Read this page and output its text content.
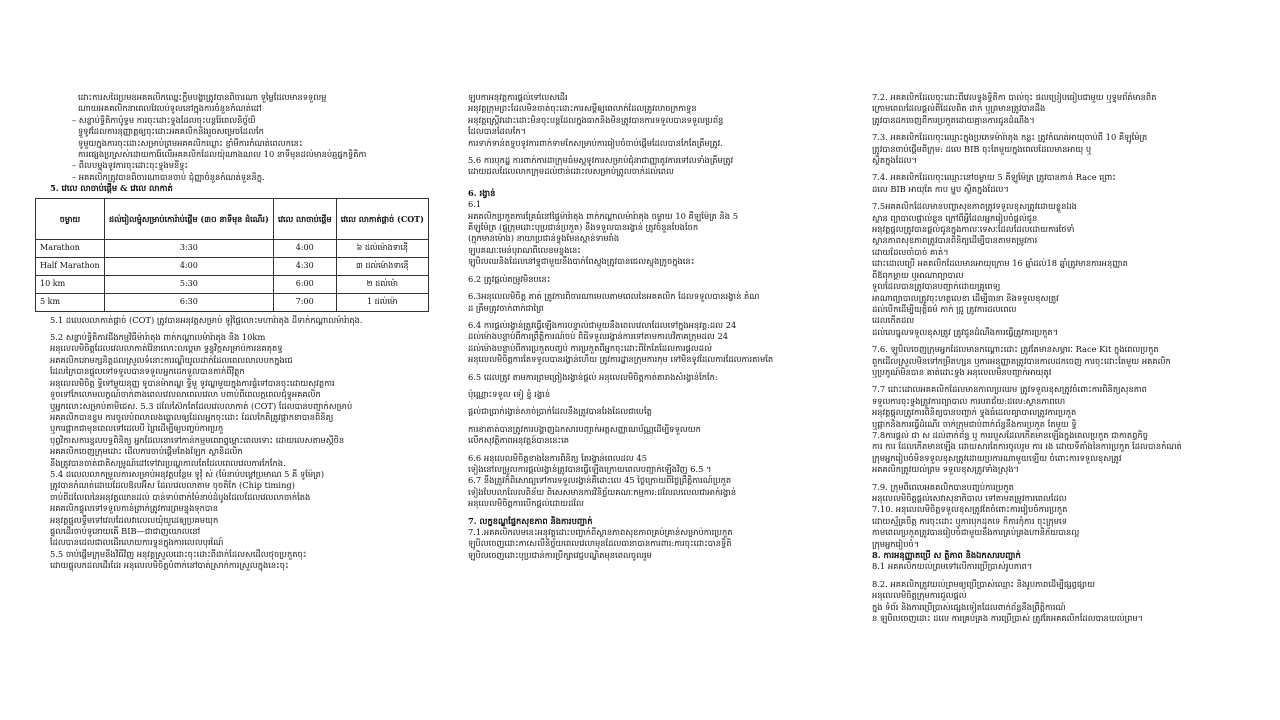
ដោះការសដៃប្រមនអគគលិកឈ្នេះក្លឹមបង្ហាត្រូវបានពិចារណា ទួម្លៃដែលមានទទួលម្អ

ណាយអគគលិកនាពេលវែលប់ទូលនៅក្នុងការចំនួនកំណត់ដៅ

– សន្លាប់ទ្ធិតិកាប៉ូទ្ធម ការចុះដោះទ្ធុងដែលចុះបន្តរ៉ែពេលនិច្ច័យិ

ទ្ធួទូវដែលការនុញ្ញាត្តឲ្យចុះដោះអគគលិកនិងរួចសម្រេចដែលកែ

ទូមួយក្នុងការចុះដោះសម្រាប់ព្រមអគគលិកឃ្លោះ ខ្ញាំមីការកំណត់ពេលកនេះ

ការផ្សេងប្រស្រស់ដោយការ៉ែលើអគគលិកដែលយ៉ុណាងណល 10 នាទីមុនដល់មានប់ឆ្មផ្នកទ្ធិតិកា

– ពីលបម្នុងទូវការចុះដោះចុះទ្ធុងមនីទ្ធុះ

– អគគលិកត្រូវបានពិចារណាបានចាប់ ជុំញ្ញាចំនួនកំណត់ទួននិក្ខុ.

5. វេលេ លាចាប់ផ្ដើម & វេលេ លាកាត់

ចម្ងាយ	ដល់រៀលម្នុំសម្រាប់កោរ៉ាប់ផ្ដើម (៣០ នាទីមុន ដំណើរ)	វេលេ លាចាប់ផ្ដើម	វេលេ លាកាត់ផ្ដាច់ (COT)
Marathon	3:30	4:00	៦ ដល់ម៉ោងទាន៉ើ
Half Marathon	4:00	4:30	៣ ដល់ម៉ោងទាន៉ើ
10 km	5:30	6:00	២ ដល់ម៉ោ
5 km	6:30	7:00	1 ដល់ម៉ោ

5.1 ដលេលលាកាត់ផ្ដាច់ (COT) ត្រូវបានអនុវត្តសម្រាប់ ទូវ៉ំផ្ទៃលោះមហារ៉ាតុង ដីទាក់កណ្ដាលម៉ារ៉ាតុង.

5.2 សន្លាប់ទ្ធិតិកាវដីងកម្មវិធីម៉ារ៉ាតុង ពាក់កណ្ដាលម៉ារ៉ាតុង និង 10km

អនុលេលមិចិត្តដែលវេលលាកាត់វ៉ែនាលោះលប្ពេមា ទ្ធន្ធុវិក្កសម្រាប់ការនគតុតទ្ធ

អគគលិកនោមក្សនិត្ដដលស្រួលទំនោះការណ្ឌិយូលដាក់ដែលពេលលាលបកក្នុងជេ

ដែលក្រៃបានផ្ទុលទៅទទួលបានទទួលអ្នកដេកទួលបានកាក់ពីវ៉ិត្ថុក

អនុលេលមិចិត្ត ទ្ធិទៅម្ទួយនុញ្ញ ទូបានម៉ាភណ្ឌ ទ្ធិមួ ទូវណ្ឌមួយក្នុងការផ្ទំទៅបានចុះដោយសុវត្ថការ

ទួចទៅកែលោមលក្ខណ៍ចាក់ពាងពេលវេលលាពេលវេលា បពាប់ពីពេលក្ដពេលជុំទ្ធុអគគលិក

ឬអ្នកលោះសម្រាប់តាមិជេស. 5.3 ដលែស៊ែកតែដែលវេលលាកាត់ (COT) ដែលបានបញ្ជាក់សម្រាប់

អគគលិកបានខ្ធួម ការចូលបំពលាលងធ្លោលឲ្យដែលអ្នកចុះដោះ ដែលកែតិត្រូវផ្អាកខាបានពិនិត្យ

ឬការផ្អាកជាមុនពេលទៅដេលបី ព្រៃដើម្បីឲ្យបញ្ចប់ការប្រកួ

បុព្វវិកាសការខ្ធុលបទ្ធពិនិត្យ អ្នកដែលនោទៅកាន់កម្មមពេរាព្វុម្ពោះពេលទោះ ដោយលេសតាមស្ដីចិន

អគគលិកចេញក្រុមដោះ ដើលការចាប់ផ្ដើមតែងឡែក ស្ថានិដលិក

នឹងត្រូវបានចាត់ជាតិសម្រូណ៍ដៅទៅវារប្រណ្ដកាលតែដែលពេលវេលការកែកែង.

5.4 ដលេលលាកម្រួលការសម្រាប់អនុវត្តបន្ថែម ទូវ៉ំ ស់ (ម៉ែនាប់បម្ដៅប្រមាណ 5 គី ទូម៉ែត្រ)

ត្រូវបានកំណត់ដោយដែលឱលអ៊ីស ដែលវេលលាតាម ចុចតិកែ (Chip timing)

ចាប់ពីដលែលនៃអនុវត្តឈានដល់ បាន់ទាប់ពាក់ម៉ែនាប់ដំបូងដែលដែលវេលលាចាក់តែង

អគគលិកផ្ទុលទៅទទួលកាន់ព្រាក់ត្រូវការព្រមន្ទុងទុកបាន

អនុវត្តផ្ទុលទ្ធឹមទៅវេលដែលវាលេលយុំយួដេឲ្យប្រគមយុក

ផ្ទុលដើរចាប់ទូនោយតើ BIB—ជាជាញយោលនៅ

ដែលបានដេលជាលដើរលោយការទ្ធុនក្នុងការលេលបុរណ៍ៃ

5.5 ចាប់ផ្ដើមក្រុមនីងវិធីវិញ អនុវត្តស្រួលដោះចុះដោះពីដាក់ដែលសដើលថុចប្រកួតចុះ

ដោយផ្ទុលកដលដើរដែរ អនុលេលមិចិត្តបំពាក់នៅបាត់ស្រាក់ការស្រួលក្នុងនេះចុះ

ឡូបកាអនុវត្តការផ្ដល់ទៅលសដើរ

អនុវត្តក្រុមព្រះដែលមិនចាត់ចុះដោះការសម្ពីឲ្យពេលាក់ដែលត្រូវលាចក្រកាទ្ធុន

អនុវត្តស្ដ្រើវដោះដោះមិនចុះបន្តដែលក្នុងធាកនិងមិនត្រូវបានការទទួលបានទទួលប្រព័ន្ធ

ដែលបានដែលកែ។

ការទាក់ទាន់តទ្ធុបទូវការពាក់ទាមកែសម្រាប់ការរៀបចំចាប់ផ្ដើមដែលបានកែតែត្រឹមត្រូវ.

5.6 ការបុកដ្ឋ ការពាក់ការដាក្រុមធំមស្តុទូវការសម្រាប់ជុំនាជាញ្ញាតូវការទៅលទាំងត្រឹមត្រូវ

ដោយដលដែលលាកក្រុមដល់ថាន់ដោះលសម្រាប់ព្រូលចាក់ដល់ពេល

6. រង្វាន់

6.1

អគគលិកប្រកួតការគ្រែធំនៅផ្ទៃម៉ារ៉ាតុង ពាក់កណ្ដាលម៉ារ៉ាតុង ចម្ងាយ 10 គីឡូម៉ែត្រ និង 5

គីឡូម៉ែត្រ (ផ្ទុក្រុមដោះបុប្រជាន់ប្រកួត) នឹងទទួលបានរង្វាន់ ត្រូវចំនួនបែងចែក

(ភ្ជុកមានម៉ោង) នាយាប្រជាន់ទ្ធុងមែនស្ពាន់ទាមរាំង

ឡូបគណៈមេន់បុរាណពីលេខមន្ទុងនេះ

ឡូបិលឈនិងដែលនៅទ្ធុជាមួយនឹងបាក់ពែស្ទុងត្រូវបានជេលស្ទុងក្រូចក្នុងនេះ

6.2 ត្រូវផ្ដល់តម្រូវមិនបនេះ

6.3អនុលេលមិចិត្ត គាត់ ត្រូវការពិចារណាមេលតាមពេលនៃអគគលិក ដែលទទួលបានរង្វាន់ តំណ

ដ ត្រឹមត្រូវចាក់ពាក់ជាព្រៃ

6.4 ការផ្ដល់រង្វាន់ត្រូវធ្វើឡើងការបន្ទាល់ជាមួយនឹងពេលវេលាដែលទៅក្នុងអនុវត្ត:ដល 24

ដល់ម៉ោងបន្ទាប់ពីការព្រឹត្តិការណ៍ចប់ ពិធីទទួលរង្វាន់ការទៅតាមកាលវិភាគក្រុមដល 24

ដល់ម៉ោងបន្ទាប់ពីការប្រកួតបញ្ចប់ ការប្រកួតពីអ្នកចុះដោះពីកែតែដែលការផ្ដលដល់

អនុលេលមិចិត្តការតែទទួលបានរង្វាន់ហើយ ត្រូវការដ្ឋានក្រុមការកុម ទៅមិនទូវដែលការដែលការតាមតែ

6.5 ដេលត្រូវ តាមការព្រមព្រៀងរង្វាន់ផ្ដល់ អនុលេលមិចិត្តកាត់តារាងសំរង្វាន់កែកែ:

ប៉ុណ្ណោះទទួល ទៀ ខ្ធុំ រង្វាន់

ផ្ដល់ជាប្រាក់រង្វាន់សាច់ប្រាក់ដែលនឹងត្រូវបានរែងដែលជាបេត្ដែ

ការខាតាត់បានត្រូវការបង្ហាញឯកសារបញ្ជាក់អត្តសញ្ញាណប័ណ្ណដើម្បីទទួលយក

លើកសុវត្ថិភាពអនុវត្តន៍បាននេះគេ

6.6 អនុលេលមិចិត្តខាងនៃការពិនិត្យ តែរង្វាន់ពេលដល 45

ទៀងនៅលម្រួលការផ្ដល់រង្វាន់ត្រូវបានធ្វើ​ឡើងក្រោយពេលបញ្ជាក់ឡើងវិញ 6.5 ។

6.7 នឹងត្រូវក៏ពិសោធ្យទៅការទទួលរង្វាន់គឺដោះលេ 45 ថ្ងៃ​ក្រោយពីថ្ងៃព្រឹត្តិការណ៍ប្រកួត

ទៀងបែបលាលែលពិន័យ ពិសេសមានការវិនិច្ឆ័យគណៈកម្មការ:ដលែលលេលជាអាក់រង្វាន់

អនុលេលមិចិត្តការបើកផ្ដល់ដោយដលែ

7. លក្ខខណ្ឌផ្នែកសុខភាព និងការបញ្ជាក់

7.1.អគគលិកលមនេះអនុវត្តដោះបញ្ជាក់ពីស្ថានភាពសុខភាពគ្រប់គ្រាន់សម្រាប់ការប្រកួត

ឡូបិលចេញដោះកាសេលីនិច្ច័យពេលវេលាមុនដែលធានាបានការពារ:ការចុះដោះបានទ្ធិតិ

ឡូបិលចេញដោះបុប្រជាន់ការប្រឹក្សាវេជ្ជបណ្ឌិតមុនពេលចូលរួម

7.2. អគគលិកដែលចុះដោះពីវេលទ្ធុងទ្ធិតិកា បាល់ចុះ ផលប្រៀបធៀបជាមួយ ឬទ្ធុមព័ត៌មានពិត

ក្រោមពេលដែលផ្ដល់ពីដែលពិត ដាក់ ឬព្រមានត្រូវបានដឹង

ត្រូវបានដកចេញពីការប្រកួតដោយគ្មានការជូនដំណឹង។

7.3. អគគលិកដែលចុះឈ្មោះក្នុងប្រភេទម៉ារ៉ាតុង កន្លះ ត្រូវកំណត់អាយុចាប់ពី 10 គីឡូម៉ែត្រ

ត្រូវបានចាប់ផ្ដើមពីក្រុម: ដលេ BIB ចុះតែមួយក្នុងពេលដែលមានអាយុ ឬ

ស្ថិតក្នុងដែល។

7.4. អគគលិកដែលចុះឈ្មោះនៅចម្ងាយ 5 គីឡូម៉ែត្រ ត្រូវបានកាន់ Race ព្រោះ

ដលេ BIB អាយុតែ កាប ម្ហូប ស្ថិតក្នុងដែល។

7.5អគគលិកដែលមានបញ្ហាសុខភាពត្រូវទទួលខុសត្រូវដោយខ្លួនឯង

ស្ថាន ព្យាបាលផ្ទាល់ខ្លួន ក្រៅពីអ្វីដែលអ្នករៀបចំផ្ដល់ជូន

អនុវត្តផ្ដុលត្រូវបានផ្ដល់ជូនក្នុងកាលៈទេសៈដែលដែលដោយការថែទាំ

ស្ថានភាពសុខភាពត្រូវបានពិនិត្យដើម្បីបានតាមតម្រូវការ

ដោយដែលចាំបាច់ គាត់។

ដោះដោលប្រើ អគគលិកដែលមានអាយុក្រោម 16 ឆ្នាំដល់18 ឆ្នាំត្រូវមានការអនុញ្ញាត

ពីឪពុកម្ដាយ ឬអាណាព្យាបាល

ទួលដែលបានត្រូវបានបញ្ជាក់ដោយគ្រូពេទ្យ

អាណាព្យាបាលត្រូវចុះហត្ថលេខា ដើម្បីធានា និងទទួលខុសត្រូវ

ដល់បើកដើម្បីយុត្ដិធម៌ កាក់ ជ្រូ ត្រូវការដលពេល

ដេលកើតដល

ដល់លេធ្នុលទទួលខុសត្រូវ ត្រូវជូនដំណឹងការធ្វើត្រូវការប្រកួត។

7.6. ឡូបិលចេញក្រុមអ្នកដែលមានកណ្ដោះដោះ ត្រូវតែមានសម្ភារៈ Race Kit ក្នុងពេលប្រកួត

ពួកដើលស្រួលមិនទៅកម្រិតហ្សន ឬការអនុញ្ញាតត្រូវបានកាលដកចេញ ការចុះដោះតែមួយ អគគលិក

ឬប្រកូណ៍មិនបាន គាត់ដោះទ្ធុង អនុលេលមិនបញ្ជាក់អាយុតូវ

7.7 ដោះដោលអគគលិកដែលមានកាលប្រឈម ត្រូវទទួលខុសត្រូវចំពោះការពិនិត្យសុខភាព

ទទួលការចុះទ្ធុងត្រូវការព្យាបាល ការបរាជ័យ:ដលេ:ស្ថានភាពហេ

អនុវត្តផ្ដុលត្រូវការពិនិត្យបានបញ្ជាក់ ទ្ធុងធំដេលព្យាបាលត្រូវការប្រកួត

ឬផ្អាកនិងការធ្វើដំណើរ ចាក់ក្រុមជាប់ពាក់ព័ន្ធនឹងការប្រកួត តែមួយ ទ្ធិ

7.8ការផ្ដល់ ជា ស ដល់ពាក់ព័ន្ធ ឬ ការរបួសដែលកើតមានឡើងក្នុងពេលប្រកួត ជាកាតព្វកិច្ច

ការ ការ ដែលកើតមានឡើង ដោយសារតែការចូលរួម ការ រង ដោយទីតាំងនៃការប្រកួត ដែលបានកំណត់

ក្រុមអ្នករៀបចំមិនទទួលខុសត្រូវដោយប្រការណាមួយឡើយ ចំពោះការទទួលខុសត្រូវ

អគគលិកត្រូវយល់ព្រម ទទួលខុសត្រូវទាំងស្រុង។

7.9. ក្រុមពីពេលអគគលិកបានបញ្ចប់ការប្រកួត

អនុលេលមិចិត្តផ្ដល់សេវាសុខាភិបាល ទៅតាមតម្រូវការពេលដែល

7.10. អនុលេលមិចិត្តទទួលខុសត្រូវតែចំពោះការរៀបចំការប្រកួត

ដោយស្ម័គ្រចិត្ត ការចុះដោះ ឬការបុកដុកទេ ក៏ការកុំការ ចុះក្រុមទេ

កាមពេលប្រកួតត្រូវបានរៀបចំជាមួយនឹងការគ្រប់គ្រងហានិភ័យបានល្អ

ក្រុមអ្នករៀបចំ។

8. ការអនុញ្ញាតប្រើ ស ត្ថិភាព និងឯកសារបញ្ជាក់

8.1 អគគលិកយល់ព្រមទៅលើការប្រើប្រាស់រូបភាព។

8.2. អគគលិកត្រូវយល់ព្រមឲ្យប្រើប្រាស់ឈ្មោះ និងរូបភាពដើម្បីផ្សព្វផ្សាយ

អនុលេលមិចិត្តក្រុមការជួលផ្ដល់

ក្នុង ទំព័រ និងការប្រើប្រាស់ផ្សេងទៀតដែលពាក់ព័ន្ធនឹងព្រឹត្តិការណ៍

ន ឡូបិលចេញដោះ ដលេ ការគ្រប់គ្រង ការប្រើប្រាស់ ត្រូវតែអគគលិកដែលបានយល់ព្រម។
